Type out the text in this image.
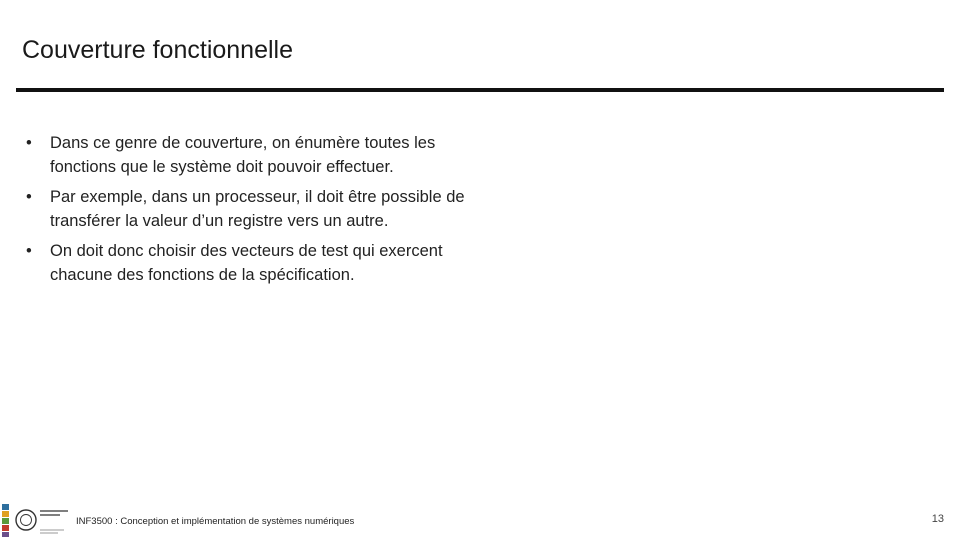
Couverture fonctionnelle
• Dans ce genre de couverture, on énumère toutes les fonctions que le système doit pouvoir effectuer.
• Par exemple, dans un processeur, il doit être possible de transférer la valeur d’un registre vers un autre.
• On doit donc choisir des vecteurs de test qui exercent chacune des fonctions de la spécification.
INF3500 : Conception et implémentation de systèmes numériques	13
